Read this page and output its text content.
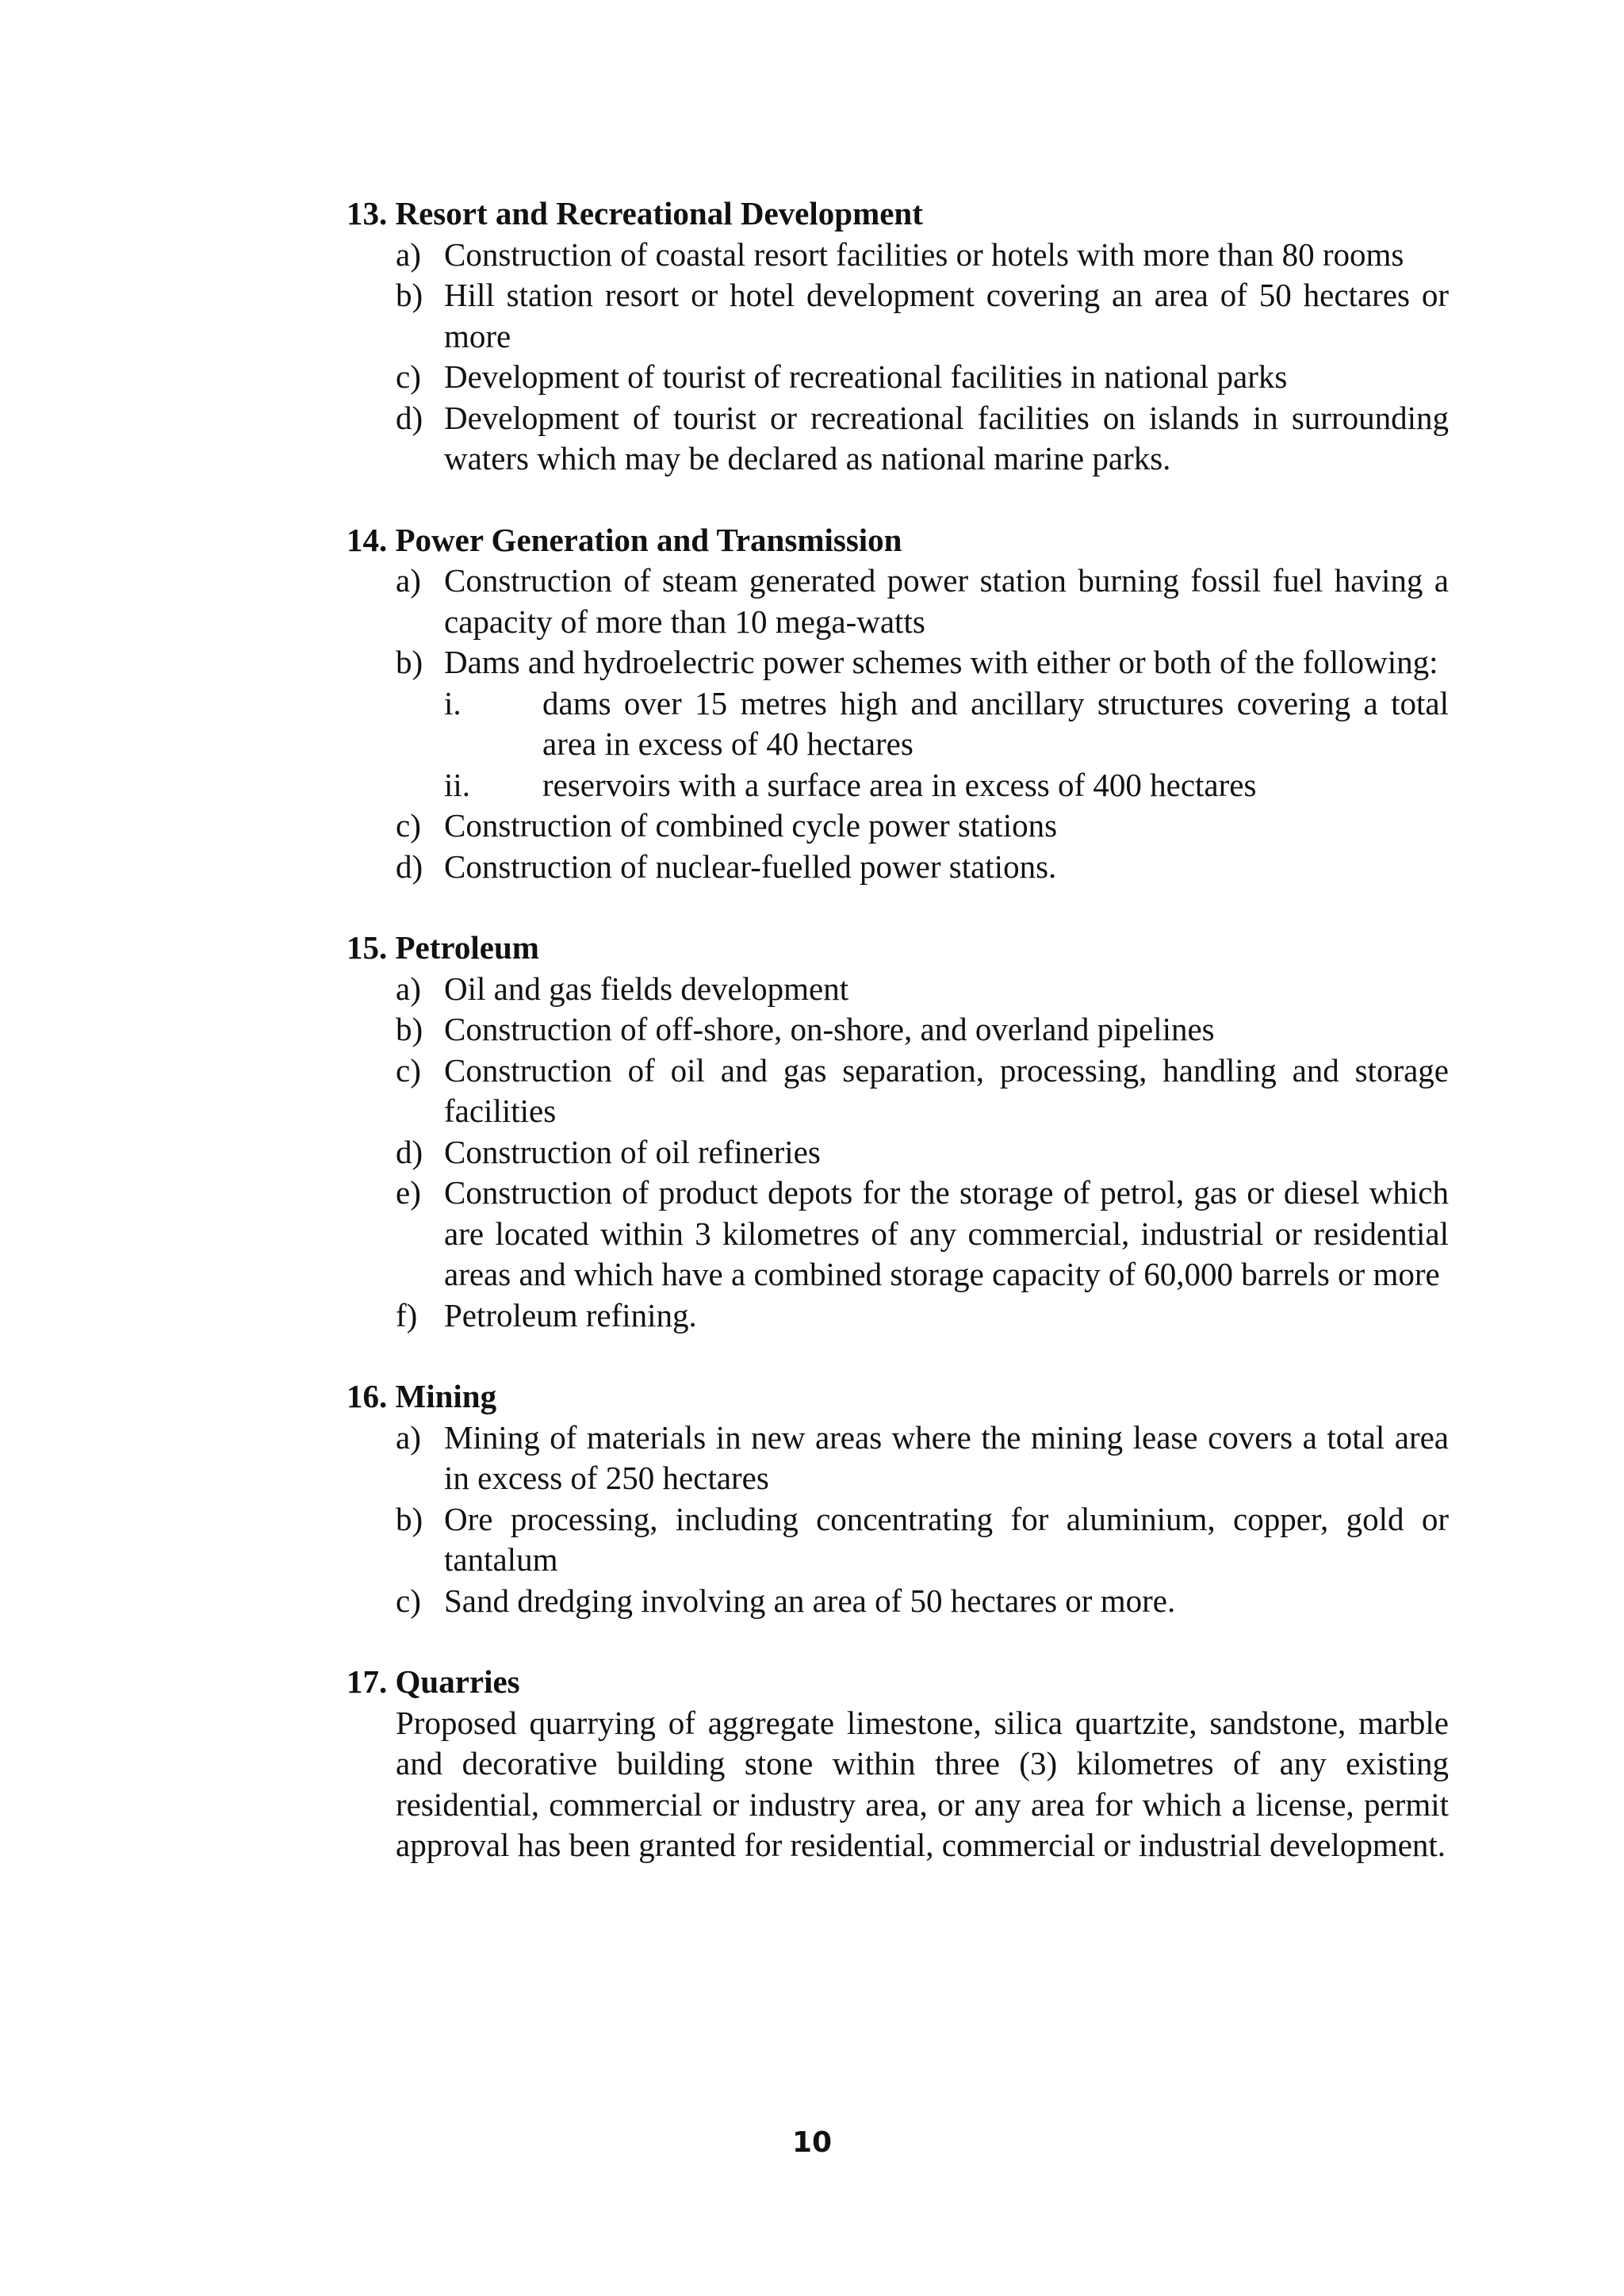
13. Resort and Recreational Development

a) Construction of coastal resort facilities or hotels with more than 80 rooms
b) Hill station resort or hotel development covering an area of 50 hectares or more
c) Development of tourist of recreational facilities in national parks
d) Development of tourist or recreational facilities on islands in surrounding waters which may be declared as national marine parks.

14. Power Generation and Transmission

a) Construction of steam generated power station burning fossil fuel having a capacity of more than 10 mega-watts
b) Dams and hydroelectric power schemes with either or both of the following:
i.	dams over 15 metres high and ancillary structures covering a total area in excess of 40 hectares
ii.	reservoirs with a surface area in excess of 400 hectares
c) Construction of combined cycle power stations
d) Construction of nuclear-fuelled power stations.

15. Petroleum

a) Oil and gas fields development
b) Construction of off-shore, on-shore, and overland pipelines
c) Construction of oil and gas separation, processing, handling and storage facilities
d) Construction of oil refineries
e) Construction of product depots for the storage of petrol, gas or diesel which are located within 3 kilometres of any commercial, industrial or residential areas and which have a combined storage capacity of 60,000 barrels or more
f) Petroleum refining.

16. Mining

a) Mining of materials in new areas where the mining lease covers a total area in excess of 250 hectares
b) Ore processing, including concentrating for aluminium, copper, gold or tantalum
c) Sand dredging involving an area of 50 hectares or more.

17. Quarries

Proposed quarrying of aggregate limestone, silica quartzite, sandstone, marble and decorative building stone within three (3) kilometres of any existing residential, commercial or industry area, or any area for which a license, permit approval has been granted for residential, commercial or industrial development.
10
